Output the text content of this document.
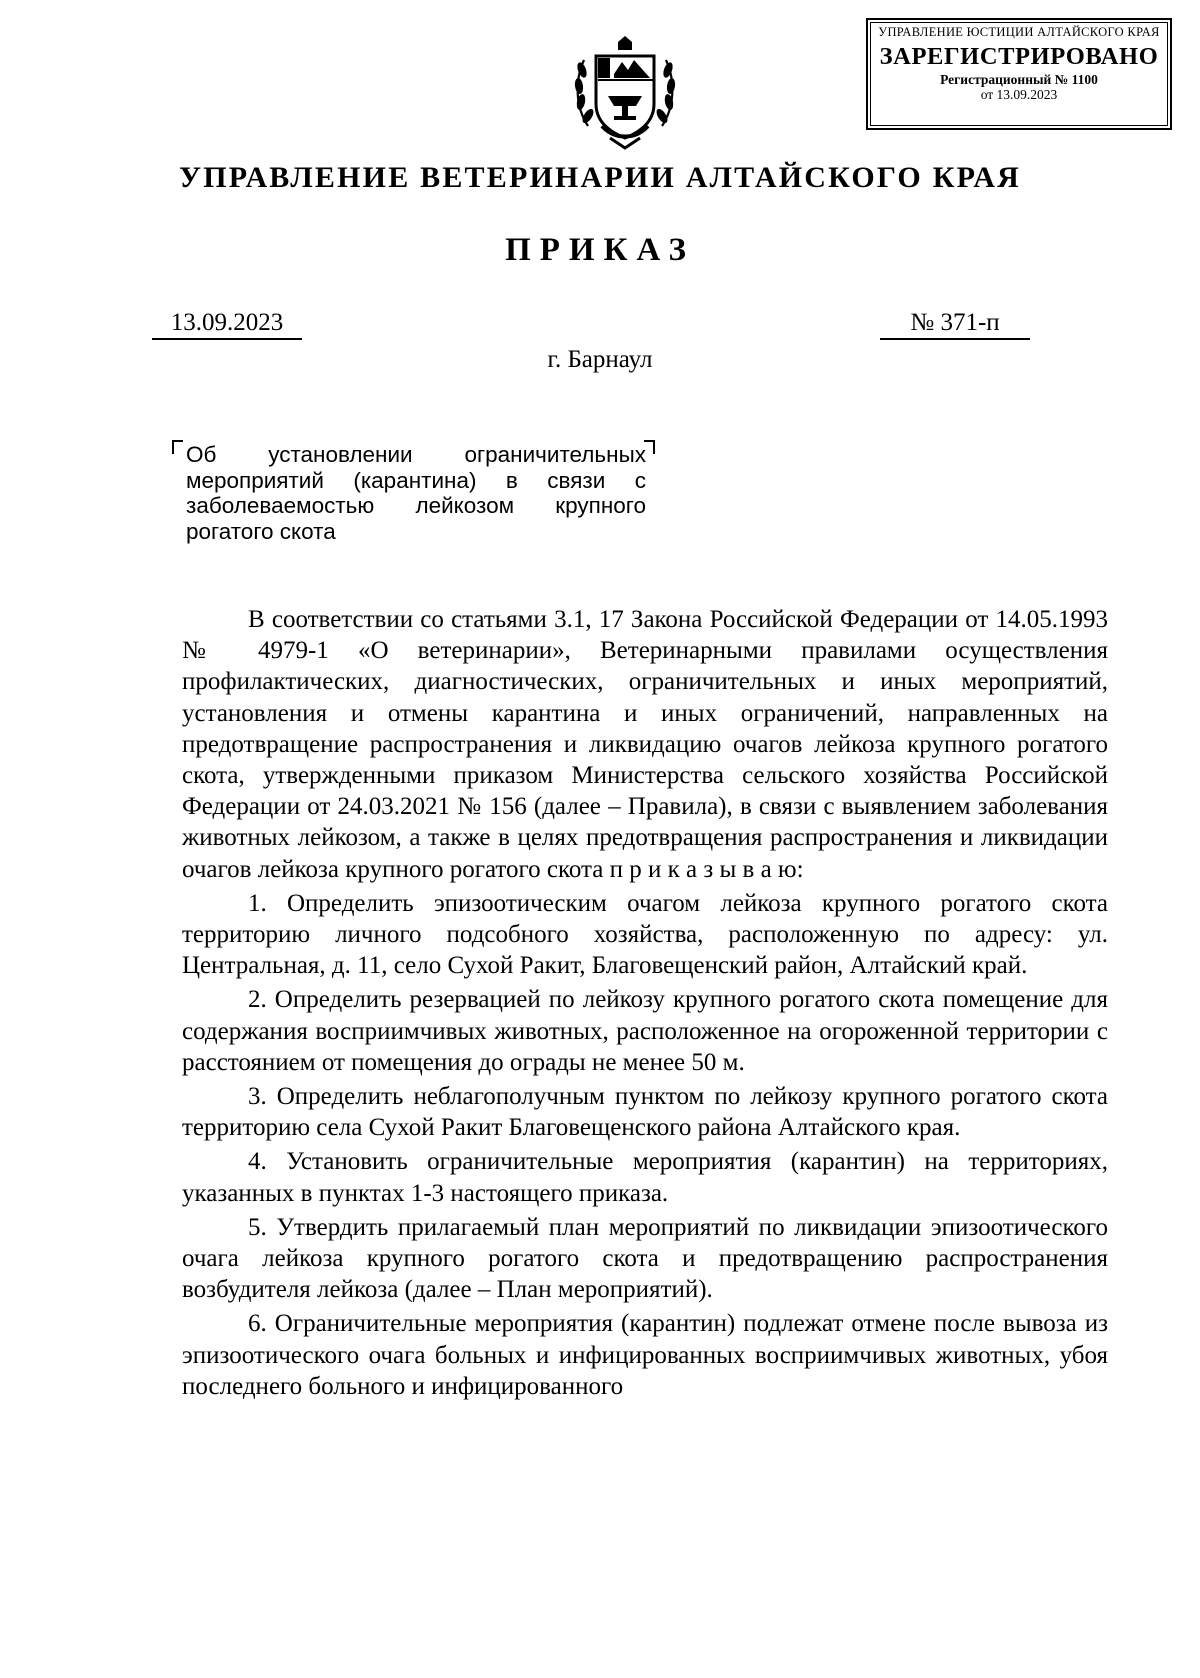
УПРАВЛЕНИЕ ЮСТИЦИИ АЛТАЙСКОГО КРАЯ
ЗАРЕГИСТРИРОВАНО
Регистрационный № 1100
от 13.09.2023
УПРАВЛЕНИЕ ВЕТЕРИНАРИИ АЛТАЙСКОГО КРАЯ
ПРИКАЗ
13.09.2023	№ 371-п
г. Барнаул
Об установлении ограничительных мероприятий (карантина) в связи с заболеваемостью лейкозом крупного рогатого скота

В соответствии со статьями 3.1, 17 Закона Российской Федерации от 14.05.1993 № 4979-1 «О ветеринарии», Ветеринарными правилами осуществления профилактических, диагностических, ограничительных и иных мероприятий, установления и отмены карантина и иных ограничений, направленных на предотвращение распространения и ликвидацию очагов лейкоза крупного рогатого скота, утвержденными приказом Министерства сельского хозяйства Российской Федерации от 24.03.2021 № 156 (далее – Правила), в связи с выявлением заболевания животных лейкозом, а также в целях предотвращения распространения и ликвидации очагов лейкоза крупного рогатого скота п р и к а з ы в а ю:

1. Определить эпизоотическим очагом лейкоза крупного рогатого скота территорию личного подсобного хозяйства, расположенную по адресу: ул. Центральная, д. 11, село Сухой Ракит, Благовещенский район, Алтайский край.

2. Определить резервацией по лейкозу крупного рогатого скота помещение для содержания восприимчивых животных, расположенное на огороженной территории с расстоянием от помещения до ограды не менее 50 м.

3. Определить неблагополучным пунктом по лейкозу крупного рогатого скота территорию села Сухой Ракит Благовещенского района Алтайского края.

4. Установить ограничительные мероприятия (карантин) на территориях, указанных в пунктах 1-3 настоящего приказа.

5. Утвердить прилагаемый план мероприятий по ликвидации эпизоотического очага лейкоза крупного рогатого скота и предотвращению распространения возбудителя лейкоза (далее – План мероприятий).

6. Ограничительные мероприятия (карантин) подлежат отмене после вывоза из эпизоотического очага больных и инфицированных восприимчивых животных, убоя последнего больного и инфицированного
